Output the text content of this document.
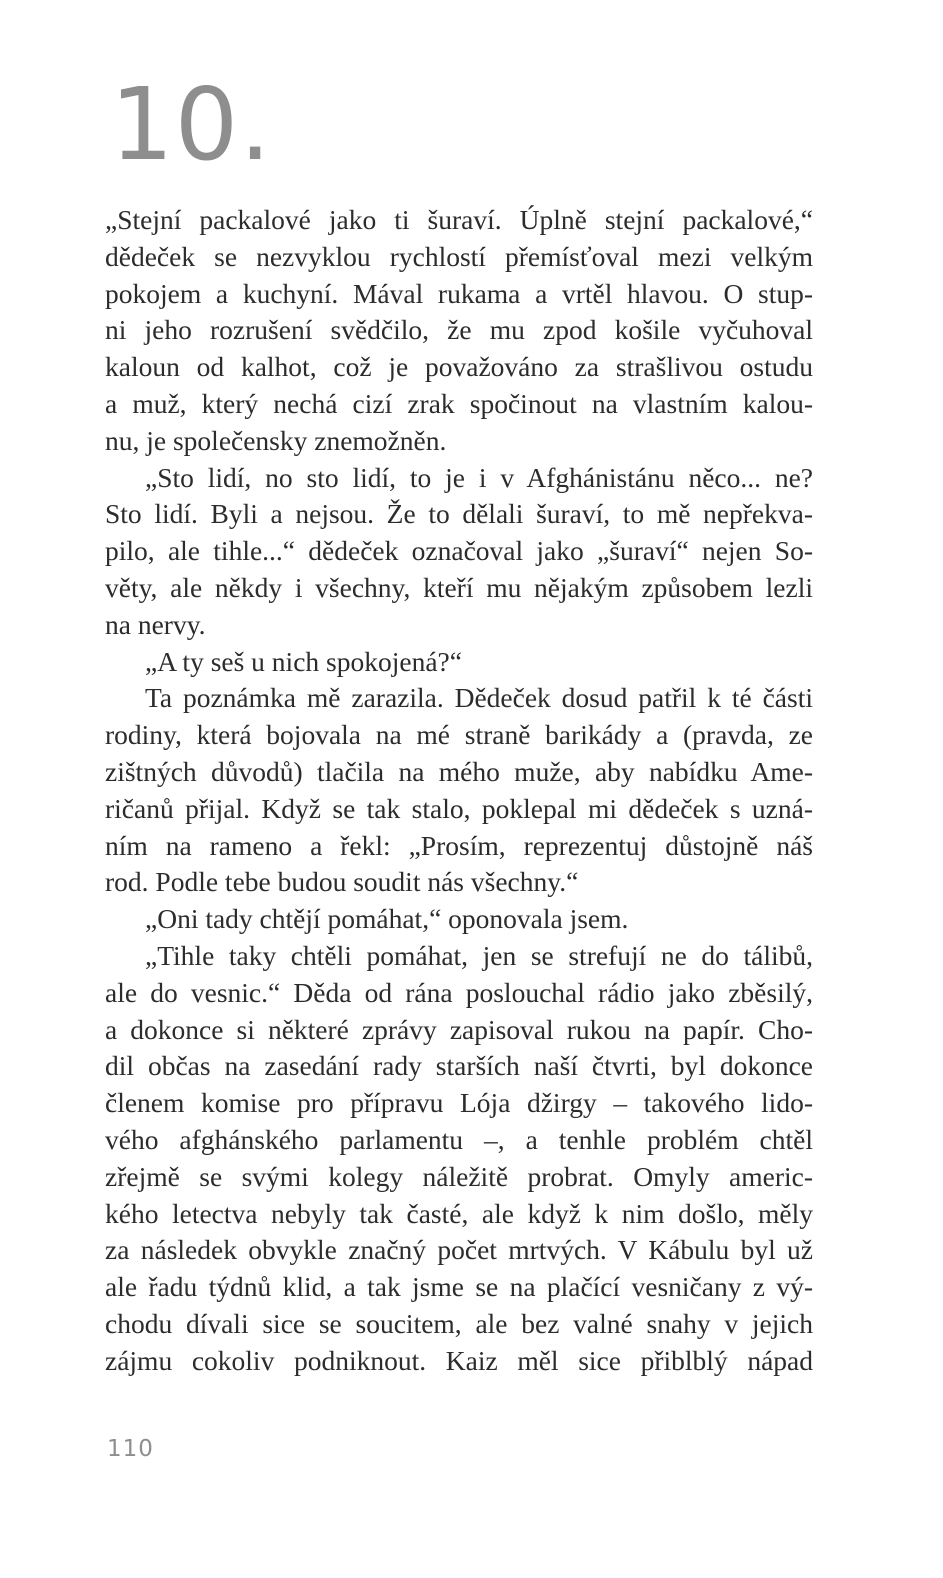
10.
„Stejní packalové jako ti šuraví. Úplně stejní packalové,“
dědeček se nezvyklou rychlostí přemísťoval mezi velkým
pokojem a kuchyní. Mával rukama a vrtěl hlavou. O stup-
ni jeho rozrušení svědčilo, že mu zpod košile vyčuhoval
kaloun od kalhot, což je považováno za strašlivou ostudu
a muž, který nechá cizí zrak spočinout na vlastním kalou-
nu, je společensky znemožněn.
„Sto lidí, no sto lidí, to je i v Afghánistánu něco... ne?
Sto lidí. Byli a nejsou. Že to dělali šuraví, to mě nepřekva-
pilo, ale tihle...“ dědeček označoval jako „šuraví“ nejen So-
věty, ale někdy i všechny, kteří mu nějakým způsobem lezli
na nervy.
„A ty seš u nich spokojená?“
Ta poznámka mě zarazila. Dědeček dosud patřil k té části
rodiny, která bojovala na mé straně barikády a (pravda, ze
zištných důvodů) tlačila na mého muže, aby nabídku Ame-
ričanů přijal. Když se tak stalo, poklepal mi dědeček s uzná-
ním na rameno a řekl: „Prosím, reprezentuj důstojně náš
rod. Podle tebe budou soudit nás všechny.“
„Oni tady chtějí pomáhat,“ oponovala jsem.
„Tihle taky chtěli pomáhat, jen se strefují ne do tálibů,
ale do vesnic.“ Děda od rána poslouchal rádio jako zběsilý,
a dokonce si některé zprávy zapisoval rukou na papír. Cho-
dil občas na zasedání rady starších naší čtvrti, byl dokonce
členem komise pro přípravu Lója džirgy – takového lido-
vého afghánského parlamentu –, a tenhle problém chtěl
zřejmě se svými kolegy náležitě probrat. Omyly americ-
kého letectva nebyly tak časté, ale když k nim došlo, měly
za následek obvykle značný počet mrtvých. V Kábulu byl už
ale řadu týdnů klid, a tak jsme se na plačící vesničany z vý-
chodu dívali sice se soucitem, ale bez valné snahy v jejich
zájmu cokoliv podniknout. Kaiz měl sice přiblblý nápad
110
